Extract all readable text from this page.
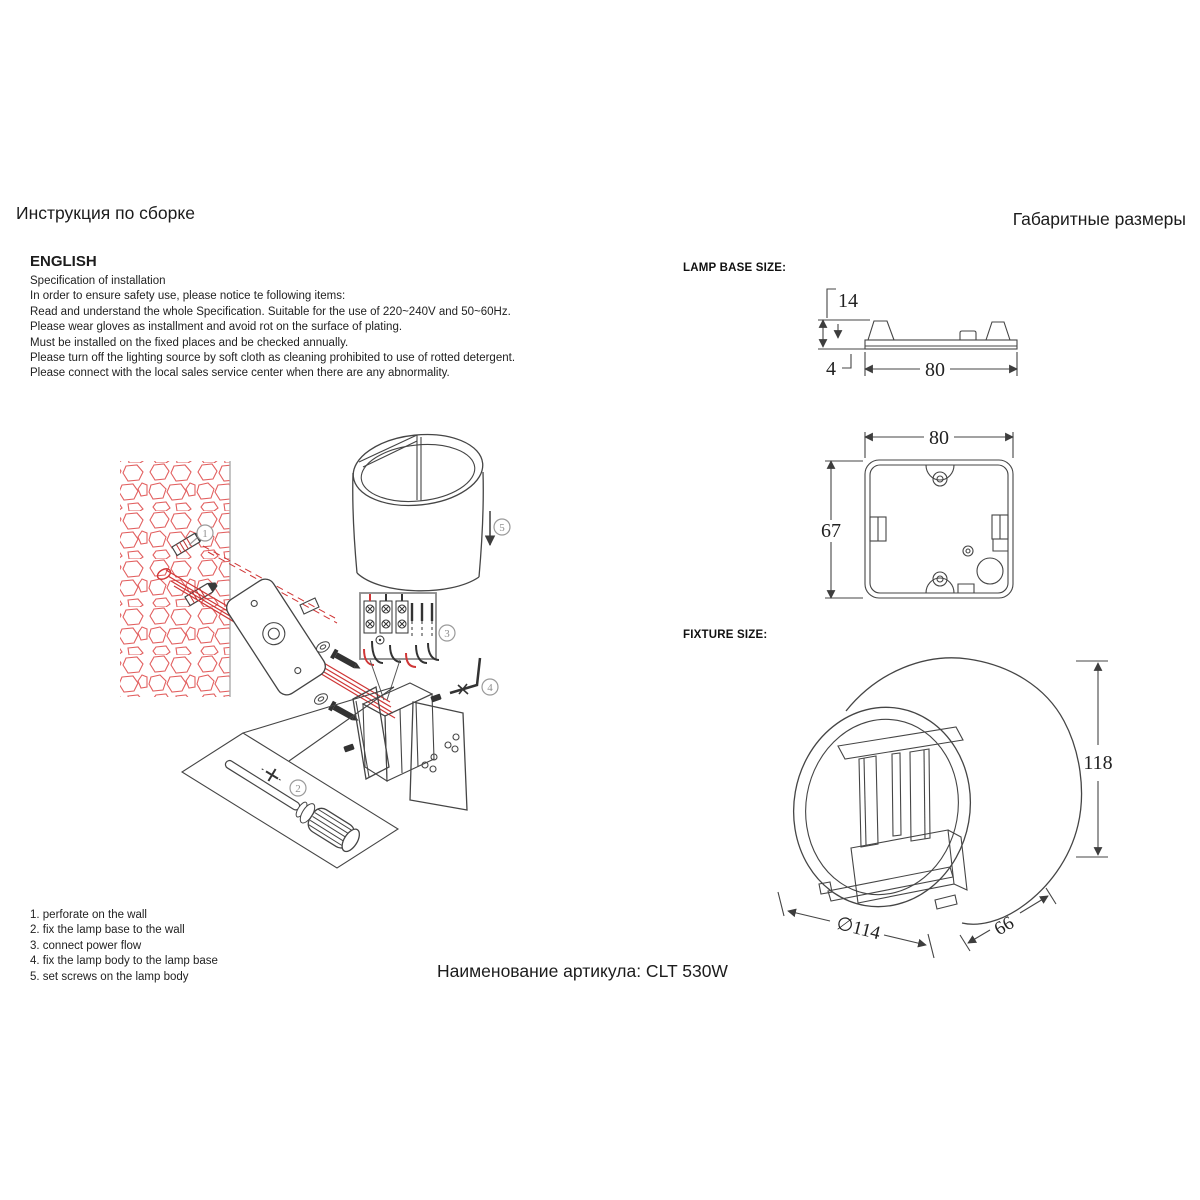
Инструкция по сборке	Габаритные размеры
ENGLISH
Specification of installation
In order to ensure safety use, please notice te following items:
Read and understand the whole Specification. Suitable for the use of 220~240V and 50~60Hz.
Please wear gloves as installment and avoid rot on the surface of plating.
Must be installed on the fixed places and be checked annually.
Please turn off the lighting source by soft cloth as cleaning prohibited to use of rotted detergent.
Please connect with the local sales service center when there are any abnormality.
LAMP BASE SIZE:
FIXTURE SIZE:
14
4	80
80
67
118
∅114	66
5
3
4
1
2
1. perforate on the wall
2. fix the lamp base to the wall
3. connect power flow
4. fix the lamp body to the lamp base
5. set screws on the lamp body	Наименование артикула: CLT 530W
